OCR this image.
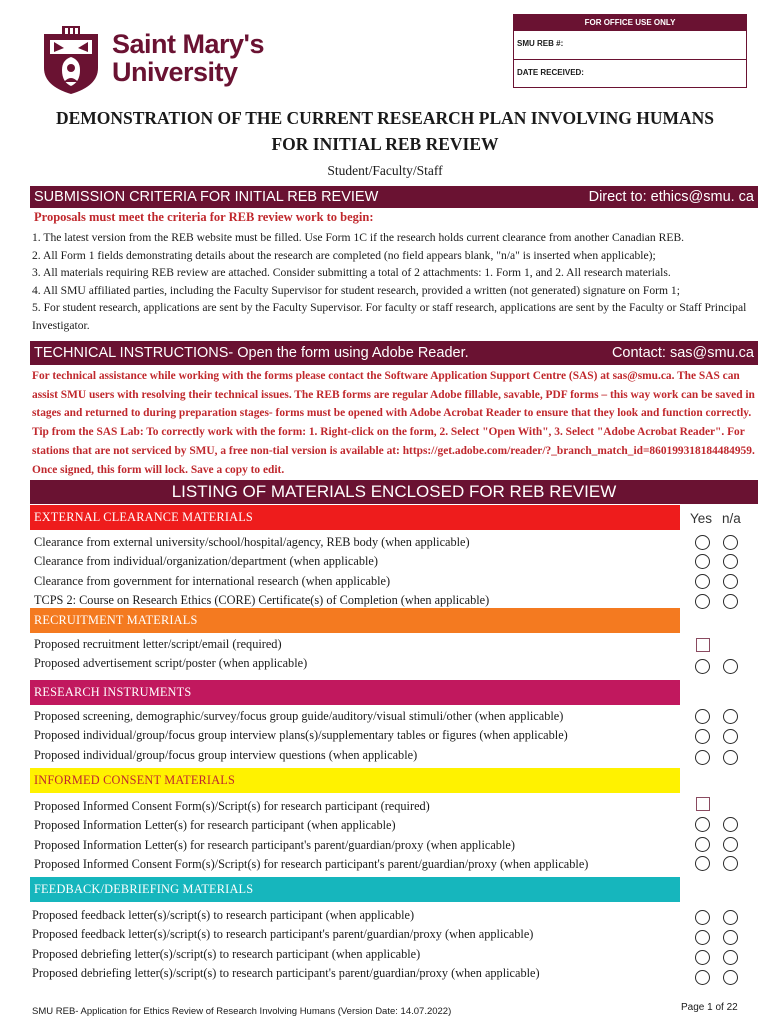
Saint Mary's
University
FOR OFFICE USE ONLY
SMU REB #:
DATE RECEIVED:
DEMONSTRATION OF THE CURRENT RESEARCH PLAN INVOLVING HUMANS
FOR INITIAL REB REVIEW
Student/Faculty/Staff
SUBMISSION CRITERIA FOR INITIAL REB REVIEW	Direct to: ethics@smu. ca
Proposals must meet the criteria for REB review work to begin:
1. The latest version from the REB website must be filled. Use Form 1C if the research holds current clearance from another Canadian REB.
2. All Form 1 fields demonstrating details about the research are completed (no field appears blank, "n/a" is inserted when applicable);
3. All materials requiring REB review are attached. Consider submitting a total of 2 attachments: 1. Form 1, and 2. All research materials.
4. All SMU affiliated parties, including the Faculty Supervisor for student research, provided a written (not generated) signature on Form 1;
5. For student research, applications are sent by the Faculty Supervisor. For faculty or staff research, applications are sent by the Faculty or Staff Principal Investigator.
TECHNICAL INSTRUCTIONS- Open the form using Adobe Reader.	Contact: sas@smu.ca
For technical assistance while working with the forms please contact the Software Application Support Centre (SAS) at sas@smu.ca. The SAS can assist SMU users with resolving their technical issues. The REB forms are regular Adobe fillable, savable, PDF forms – this way work can be saved in stages and returned to during preparation stages- forms must be opened with Adobe Acrobat Reader to ensure that they look and function correctly. Tip from the SAS Lab: To correctly work with the form: 1. Right-click on the form, 2. Select "Open With", 3. Select "Adobe Acrobat Reader". For stations that are not serviced by SMU, a free non-tial version is available at: https://get.adobe.com/reader/?_branch_match_id=860199318184484959. Once signed, this form will lock. Save a copy to edit.
LISTING OF MATERIALS ENCLOSED FOR REB REVIEW
Yes n/a
EXTERNAL CLEARANCE MATERIALS
Clearance from external university/school/hospital/agency, REB body (when applicable)
Clearance from individual/organization/department (when applicable)
Clearance from government for international research (when applicable)
TCPS 2: Course on Research Ethics (CORE) Certificate(s) of Completion (when applicable)
RECRUITMENT MATERIALS
Proposed recruitment letter/script/email (required)
Proposed advertisement script/poster (when applicable)
RESEARCH INSTRUMENTS
Proposed screening, demographic/survey/focus group guide/auditory/visual stimuli/other (when applicable)
Proposed individual/group/focus group interview plans(s)/supplementary tables or figures (when applicable)
Proposed individual/group/focus group interview questions (when applicable)
INFORMED CONSENT MATERIALS
Proposed Informed Consent Form(s)/Script(s) for research participant (required)
Proposed Information Letter(s) for research participant (when applicable)
Proposed Information Letter(s) for research participant's parent/guardian/proxy (when applicable)
Proposed Informed Consent Form(s)/Script(s) for research participant's parent/guardian/proxy (when applicable)
FEEDBACK/DEBRIEFING MATERIALS
Proposed feedback letter(s)/script(s) to research participant (when applicable)
Proposed feedback letter(s)/script(s) to research participant's parent/guardian/proxy (when applicable)
Proposed debriefing letter(s)/script(s) to research participant (when applicable)
Proposed debriefing letter(s)/script(s) to research participant's parent/guardian/proxy (when applicable)
SMU REB- Application for Ethics Review of Research Involving Humans (Version Date: 14.07.2022)	Page 1 of 22
